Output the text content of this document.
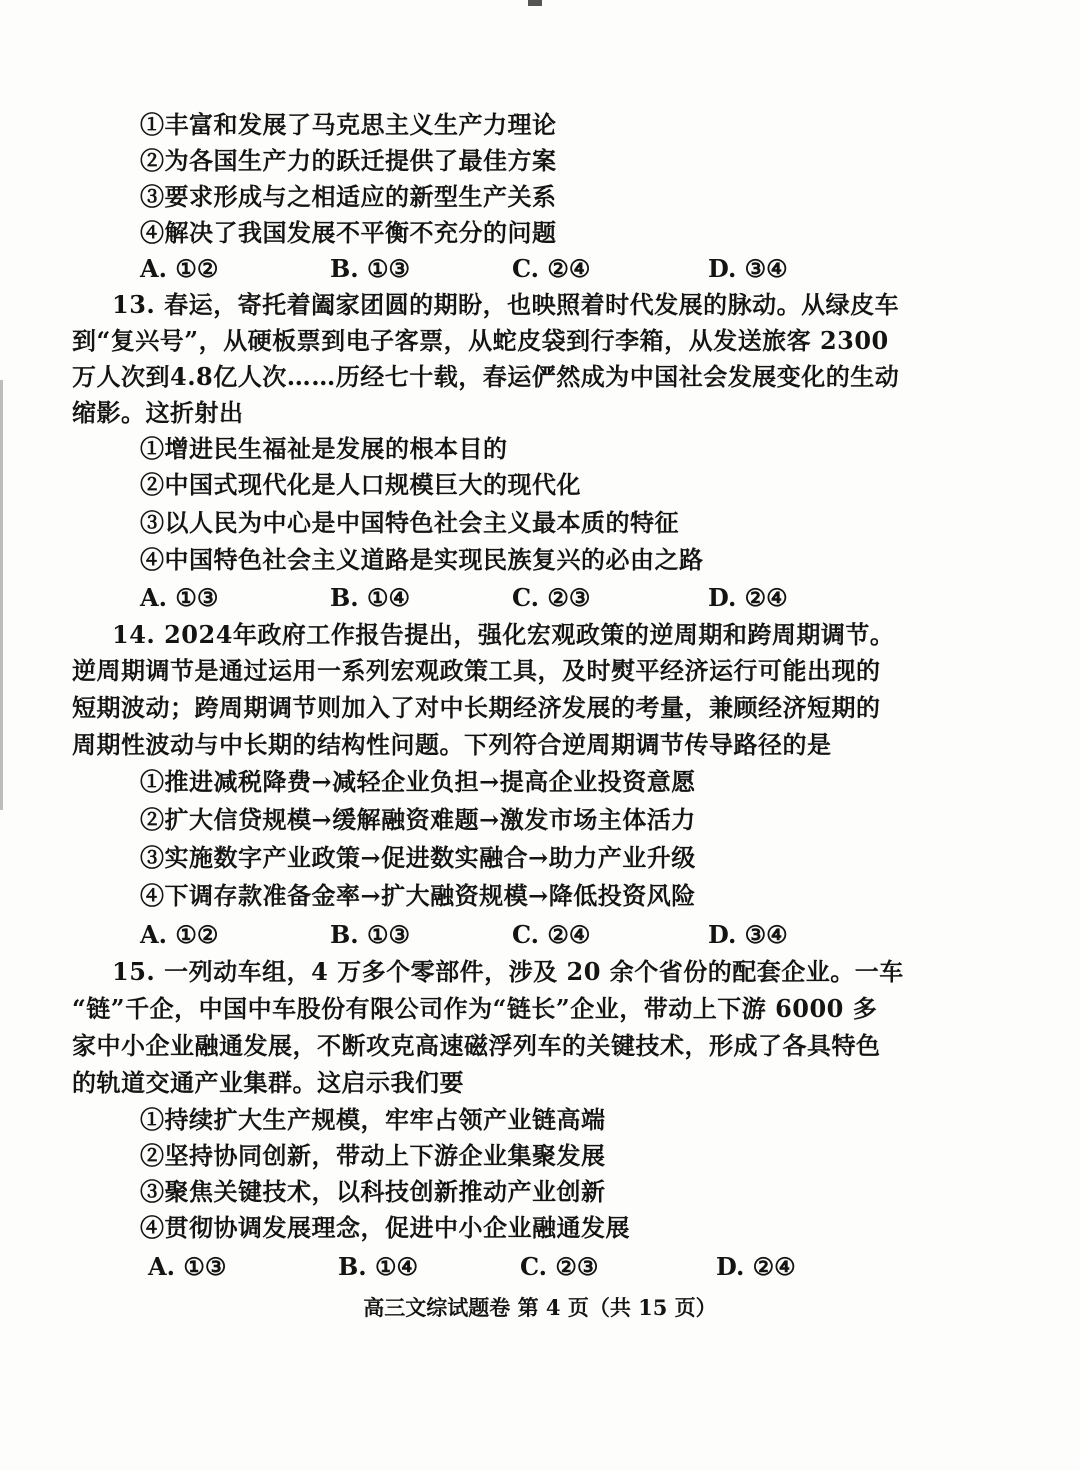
①丰富和发展了马克思主义生产力理论
②为各国生产力的跃迁提供了最佳方案
③要求形成与之相适应的新型生产关系
④解决了我国发展不平衡不充分的问题
A. ①②	B. ①③	C. ②④	D. ③④
13. 春运，寄托着阖家团圆的期盼，也映照着时代发展的脉动。从绿皮车
到“复兴号”，从硬板票到电子客票，从蛇皮袋到行李箱，从发送旅客 2300
万人次到4.8亿人次……历经七十载，春运俨然成为中国社会发展变化的生动
缩影。这折射出
①增进民生福祉是发展的根本目的
②中国式现代化是人口规模巨大的现代化
③以人民为中心是中国特色社会主义最本质的特征
④中国特色社会主义道路是实现民族复兴的必由之路
A. ①③	B. ①④	C. ②③	D. ②④
14. 2024年政府工作报告提出，强化宏观政策的逆周期和跨周期调节。
逆周期调节是通过运用一系列宏观政策工具，及时熨平经济运行可能出现的
短期波动；跨周期调节则加入了对中长期经济发展的考量，兼顾经济短期的
周期性波动与中长期的结构性问题。下列符合逆周期调节传导路径的是
①推进减税降费→减轻企业负担→提高企业投资意愿
②扩大信贷规模→缓解融资难题→激发市场主体活力
③实施数字产业政策→促进数实融合→助力产业升级
④下调存款准备金率→扩大融资规模→降低投资风险
A. ①②	B. ①③	C. ②④	D. ③④
15. 一列动车组，4 万多个零部件，涉及 20 余个省份的配套企业。一车
“链”千企，中国中车股份有限公司作为“链长”企业，带动上下游 6000 多
家中小企业融通发展，不断攻克高速磁浮列车的关键技术，形成了各具特色
的轨道交通产业集群。这启示我们要
①持续扩大生产规模，牢牢占领产业链高端
②坚持协同创新，带动上下游企业集聚发展
③聚焦关键技术，以科技创新推动产业创新
④贯彻协调发展理念，促进中小企业融通发展
A. ①③	B. ①④	C. ②③	D. ②④
高三文综试题卷 第 4 页（共 15 页）
